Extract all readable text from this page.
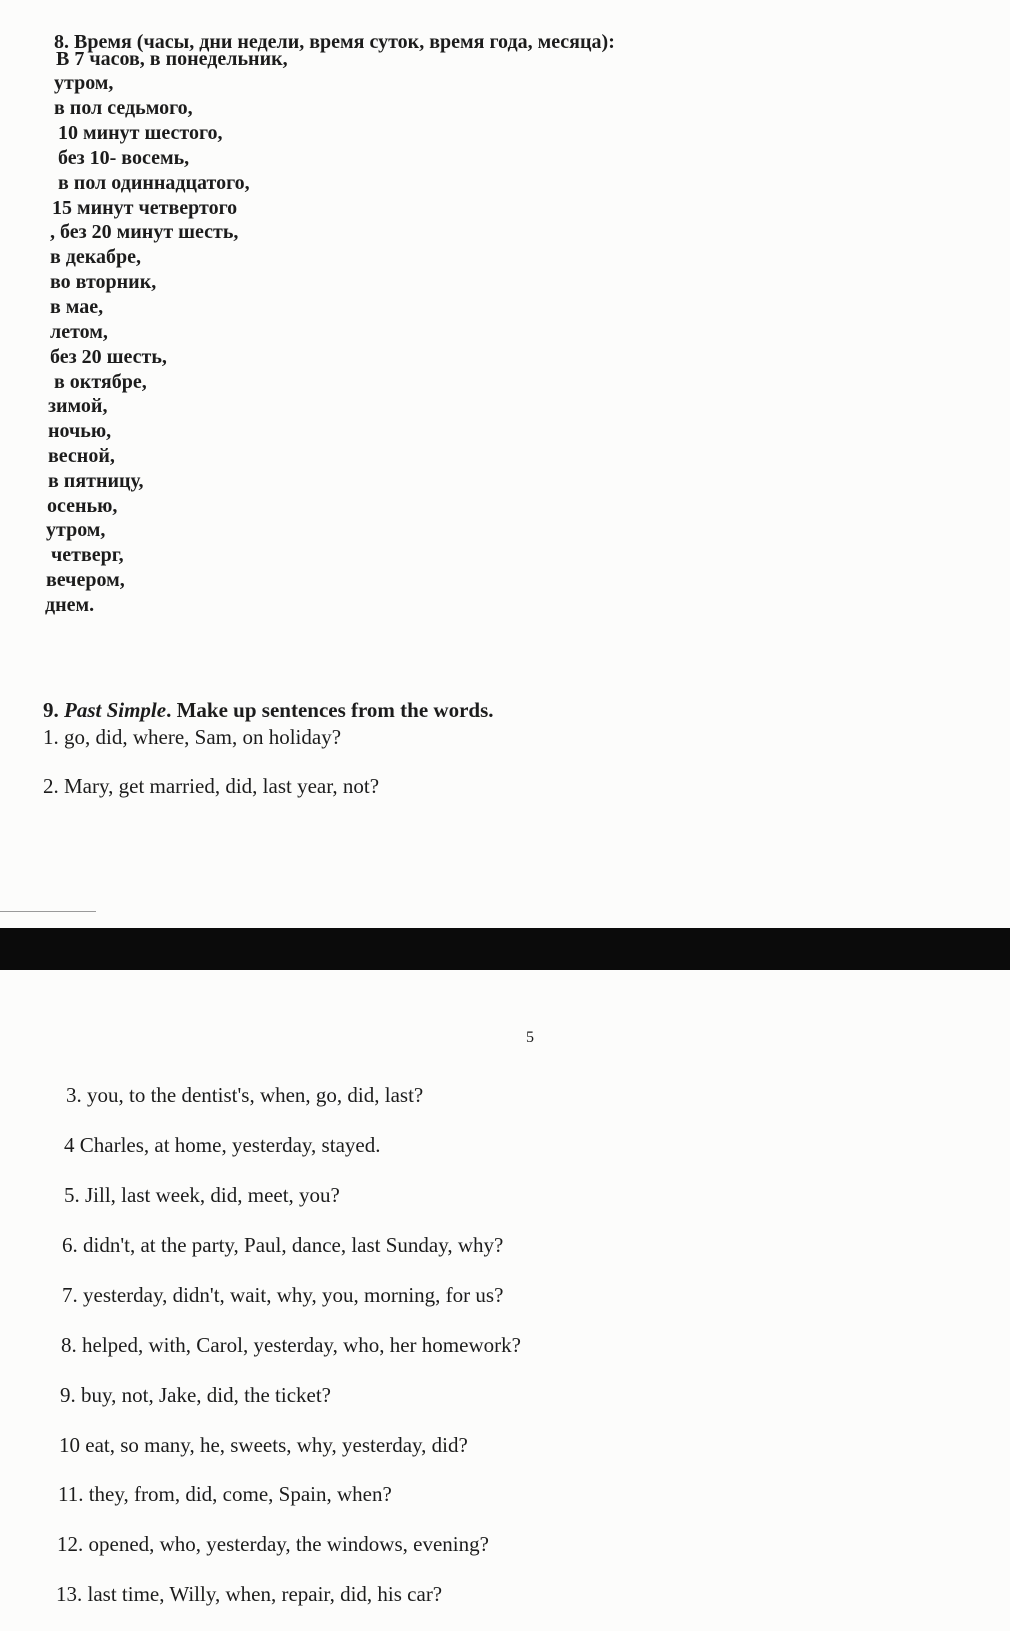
8. Время (часы, дни недели, время суток, время года, месяца):
В 7 часов, в понедельник,
утром,
в пол седьмого,
10 минут шестого,
без 10- восемь,
в пол одиннадцатого,
15 минут четвертого
, без 20 минут шесть,
в декабре,
во вторник,
в мае,
летом,
без 20 шесть,
в октябре,
зимой,
ночью,
весной,
в пятницу,
осенью,
утром,
четверг,
вечером,
днем.
9. Past Simple. Make up sentences from the words.
1. go, did, where, Sam, on holiday?
2. Mary, get married, did, last year, not?
5
3. you, to the dentist's, when, go, did, last?
4 Charles, at home, yesterday, stayed.
5. Jill, last week, did, meet, you?
6. didn't, at the party, Paul, dance, last Sunday, why?
7. yesterday, didn't, wait, why, you, morning, for us?
8. helped, with, Carol, yesterday, who, her homework?
9. buy, not, Jake, did, the ticket?
10 eat, so many, he, sweets, why, yesterday, did?
11. they, from, did, come, Spain, when?
12. opened, who, yesterday, the windows, evening?
13. last time, Willy, when, repair, did, his car?
